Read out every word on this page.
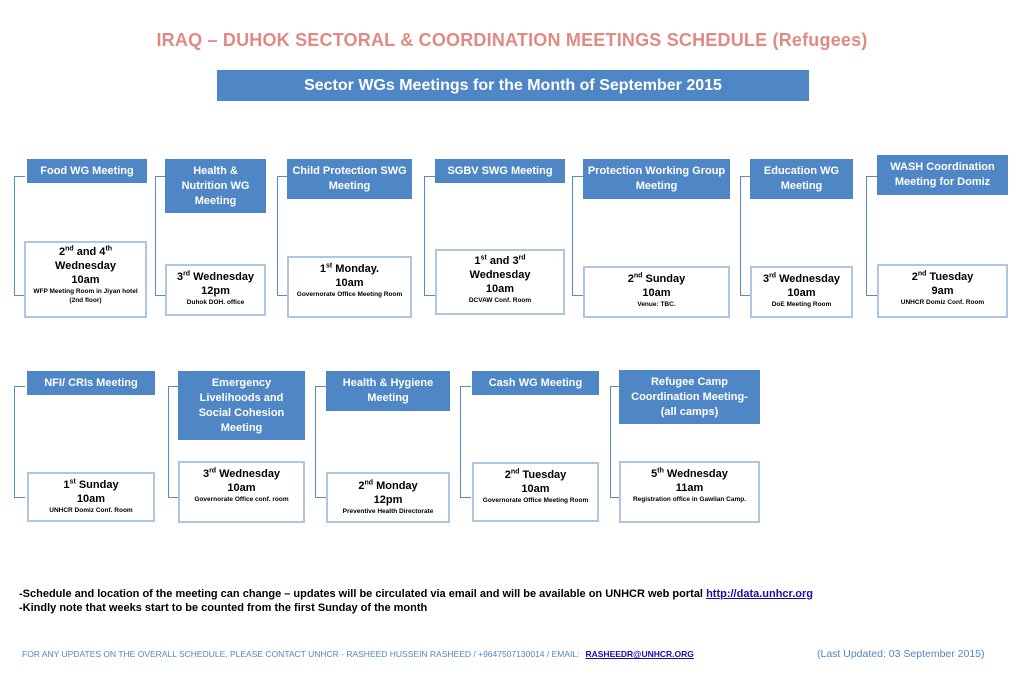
IRAQ – DUHOK SECTORAL & COORDINATION MEETINGS SCHEDULE (Refugees)
Sector WGs Meetings for the Month of September 2015
Food WG Meeting	Health & Nutrition WG Meeting
Child Protection SWG Meeting
SGBV SWG Meeting	Protection Working Group Meeting
Education WG Meeting
WASH Coordination Meeting for Domiz
2nd and 4th
Wednesday
10am
WFP Meeting Room in Jiyan hotel (2nd floor)
3rd Wednesday
12pm
Duhok DOH. office
1st Monday.
10am
Governorate Office Meeting Room
1st and 3rd
Wednesday
10am
DCVAW Conf. Room
2nd Sunday
10am
Venue: TBC.
3rd Wednesday
10am
DoE Meeting Room
2nd Tuesday
9am
UNHCR Domiz Conf. Room
NFI/ CRIs Meeting	Emergency Livelihoods and Social Cohesion Meeting
Health & Hygiene Meeting
Cash WG Meeting	Refugee Camp Coordination Meeting- (all camps)
1st Sunday
10am
UNHCR Domiz Conf. Room
3rd Wednesday
10am
Governorate Office conf. room
2nd Monday
12pm
Preventive Health Directorate
2nd Tuesday
10am
Governorate Office Meeting Room
5th Wednesday
11am
Registration office in Gawilan Camp.
-Schedule and location of the meeting can change – updates will be circulated via email and will be available on UNHCR web portal http://data.unhcr.org
-Kindly note that weeks start to be counted from the first Sunday of the month
FOR ANY UPDATES ON THE OVERALL SCHEDULE, PLEASE CONTACT UNHCR - RASHEED HUSSEIN RASHEED / +9647507130014 / EMAIL: RASHEEDR@UNHCR.ORG	(Last Updated: 03 September 2015)
